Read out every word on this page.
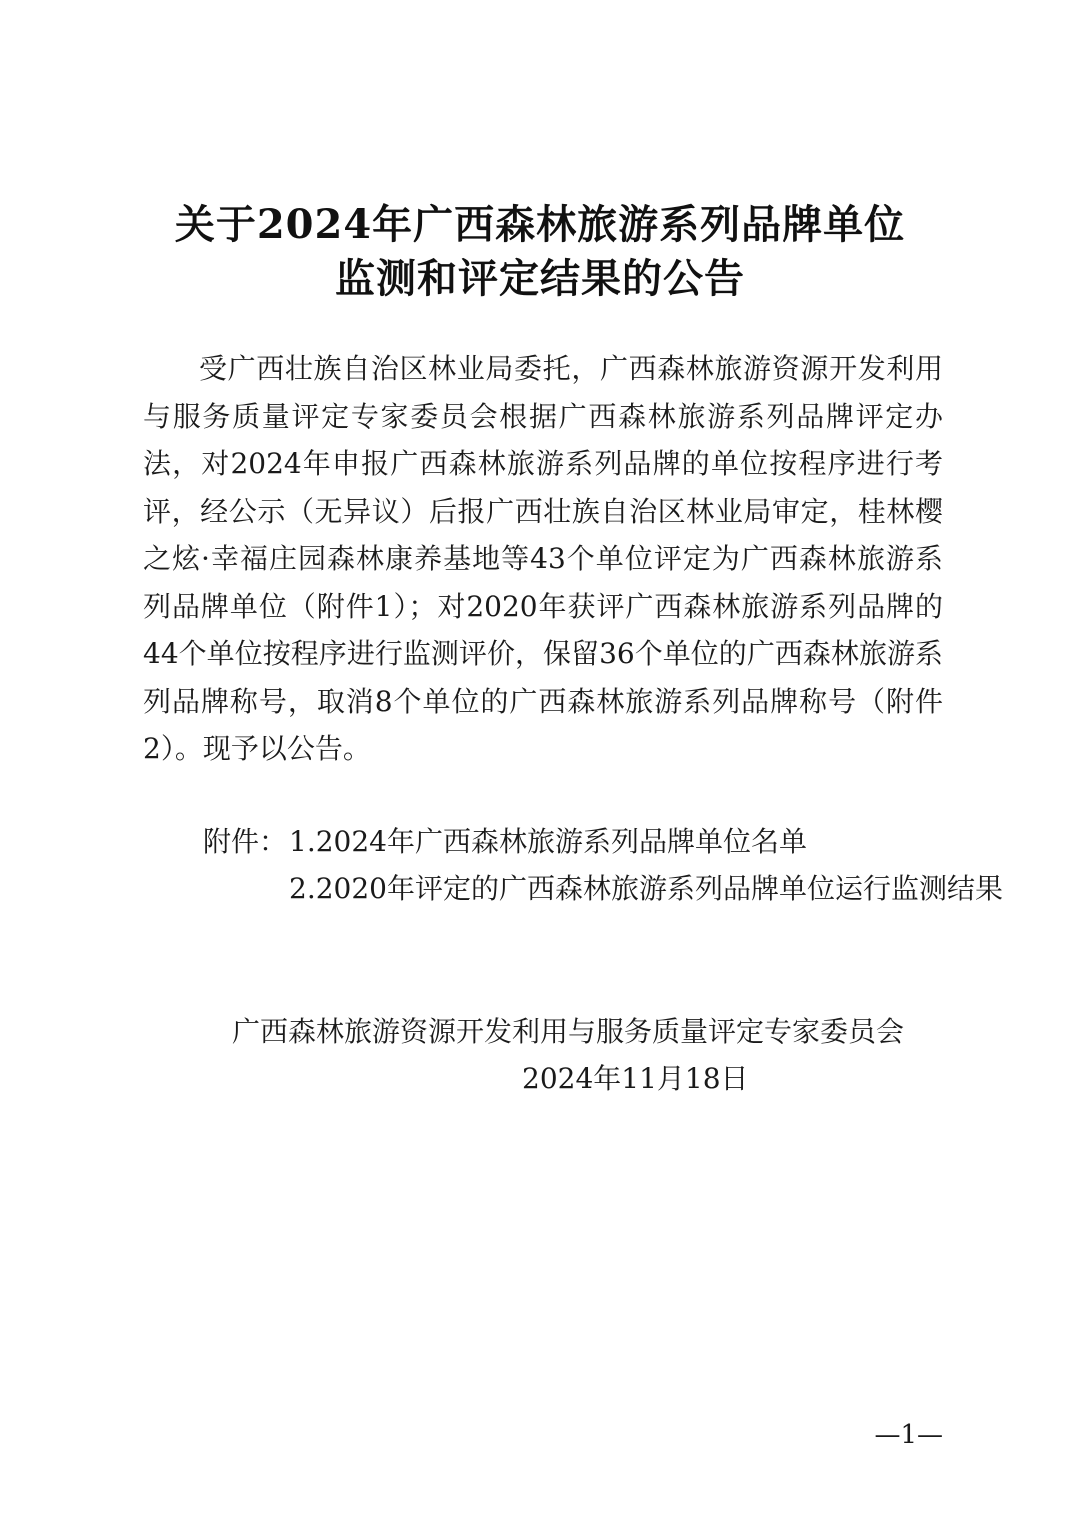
关于2024年广西森林旅游系列品牌单位
监测和评定结果的公告

受广西壮族自治区林业局委托，广西森林旅游资源开发利用与服务质量评定专家委员会根据广西森林旅游系列品牌评定办法，对2024年申报广西森林旅游系列品牌的单位按程序进行考评，经公示（无异议）后报广西壮族自治区林业局审定，桂林樱之炫·幸福庄园森林康养基地等43个单位评定为广西森林旅游系列品牌单位（附件1）；对2020年获评广西森林旅游系列品牌的44个单位按程序进行监测评价，保留36个单位的广西森林旅游系列品牌称号，取消8个单位的广西森林旅游系列品牌称号（附件2）。现予以公告。

附件： 1.2024年广西森林旅游系列品牌单位名单
2.2020年评定的广西森林旅游系列品牌单位运行监测结果
广西森林旅游资源开发利用与服务质量评定专家委员会
2024年11月18日
—1—
